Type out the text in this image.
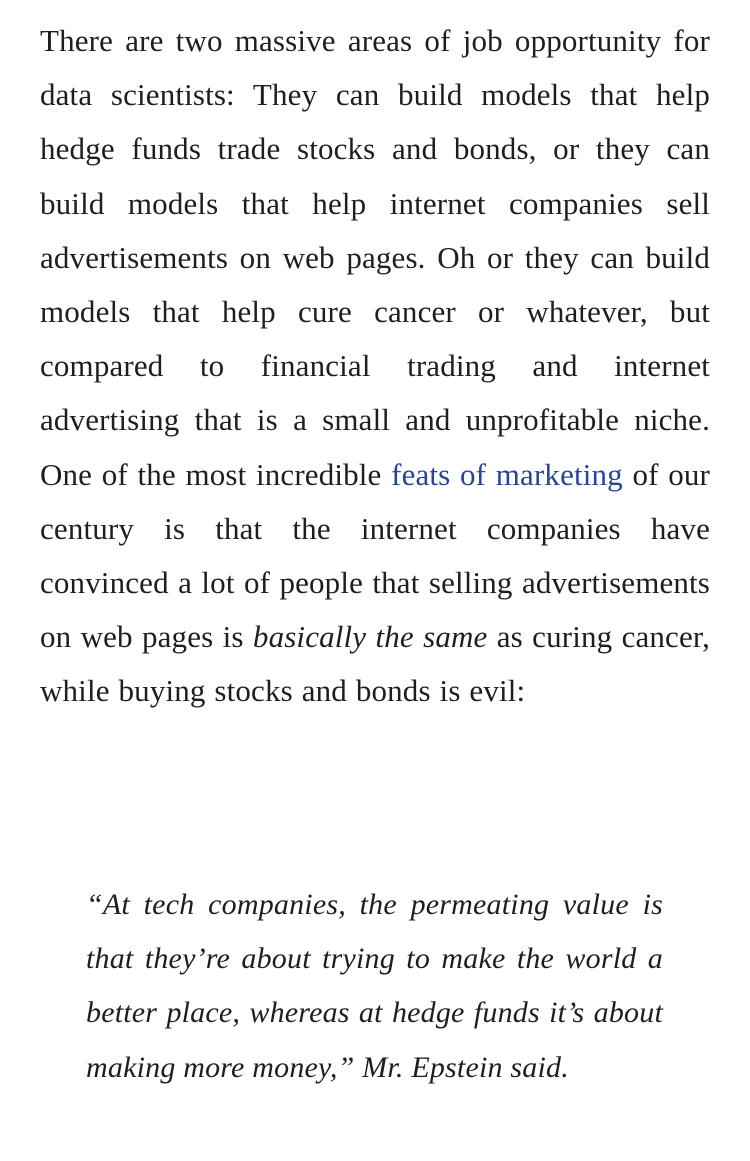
There are two massive areas of job opportunity for data scientists: They can build models that help hedge funds trade stocks and bonds, or they can build models that help internet companies sell advertisements on web pages. Oh or they can build models that help cure cancer or whatever, but compared to financial trading and internet advertising that is a small and unprofitable niche. One of the most incredible feats of marketing of our century is that the internet companies have convinced a lot of people that selling advertisements on web pages is basically the same as curing cancer, while buying stocks and bonds is evil:

“At tech companies, the permeating value is that they’re about trying to make the world a better place, whereas at hedge funds it’s about making more money,” Mr. Epstein said.
